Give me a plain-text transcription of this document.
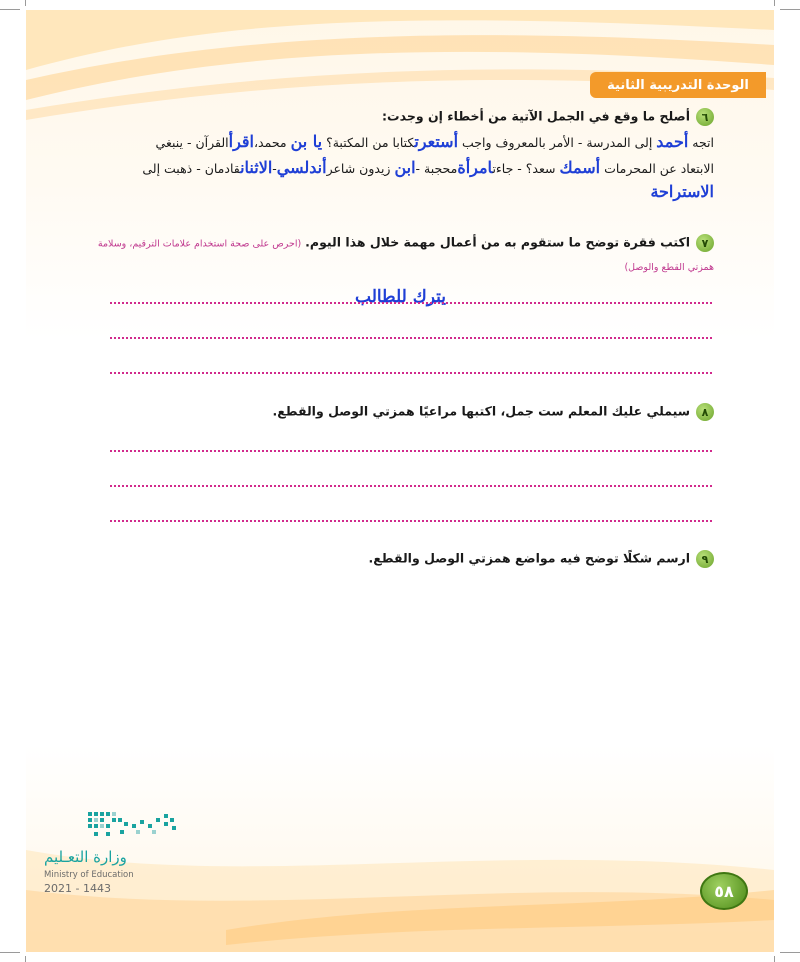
الوحدة التدريبية الثانية
٦أصلح ما وقع في الجمل الآتية من أخطاء إن وجدت:
اتجه أحمد إلى المدرسة - الأمر بالمعروف واجب أستعرتكتابا من المكتبة؟ يا بن محمد،اقرأالقرآن - ينبغي
الابتعاد عن المحرمات أسمك سعد؟ - جاءتامرأةمحجبة -ابن زيدون شاعرأندلسي-الاثنانقادمان - ذهبت إلى
الاستراحة
٧اكتب فقرة توضح ما ستقوم به من أعمال مهمة خلال هذا اليوم. (احرص على صحة استخدام علامات الترقيم، وسلامة
همزتي القطع والوصل)
يترك للطالب
٨سيملي عليك المعلم ست جمل، اكتبها مراعيًا همزتي الوصل والقطع.
٩ارسم شكلًا توضح فيه مواضع همزتي الوصل والقطع.
وزارة التعـليم
Ministry of Education
2021 - 1443	٥٨
